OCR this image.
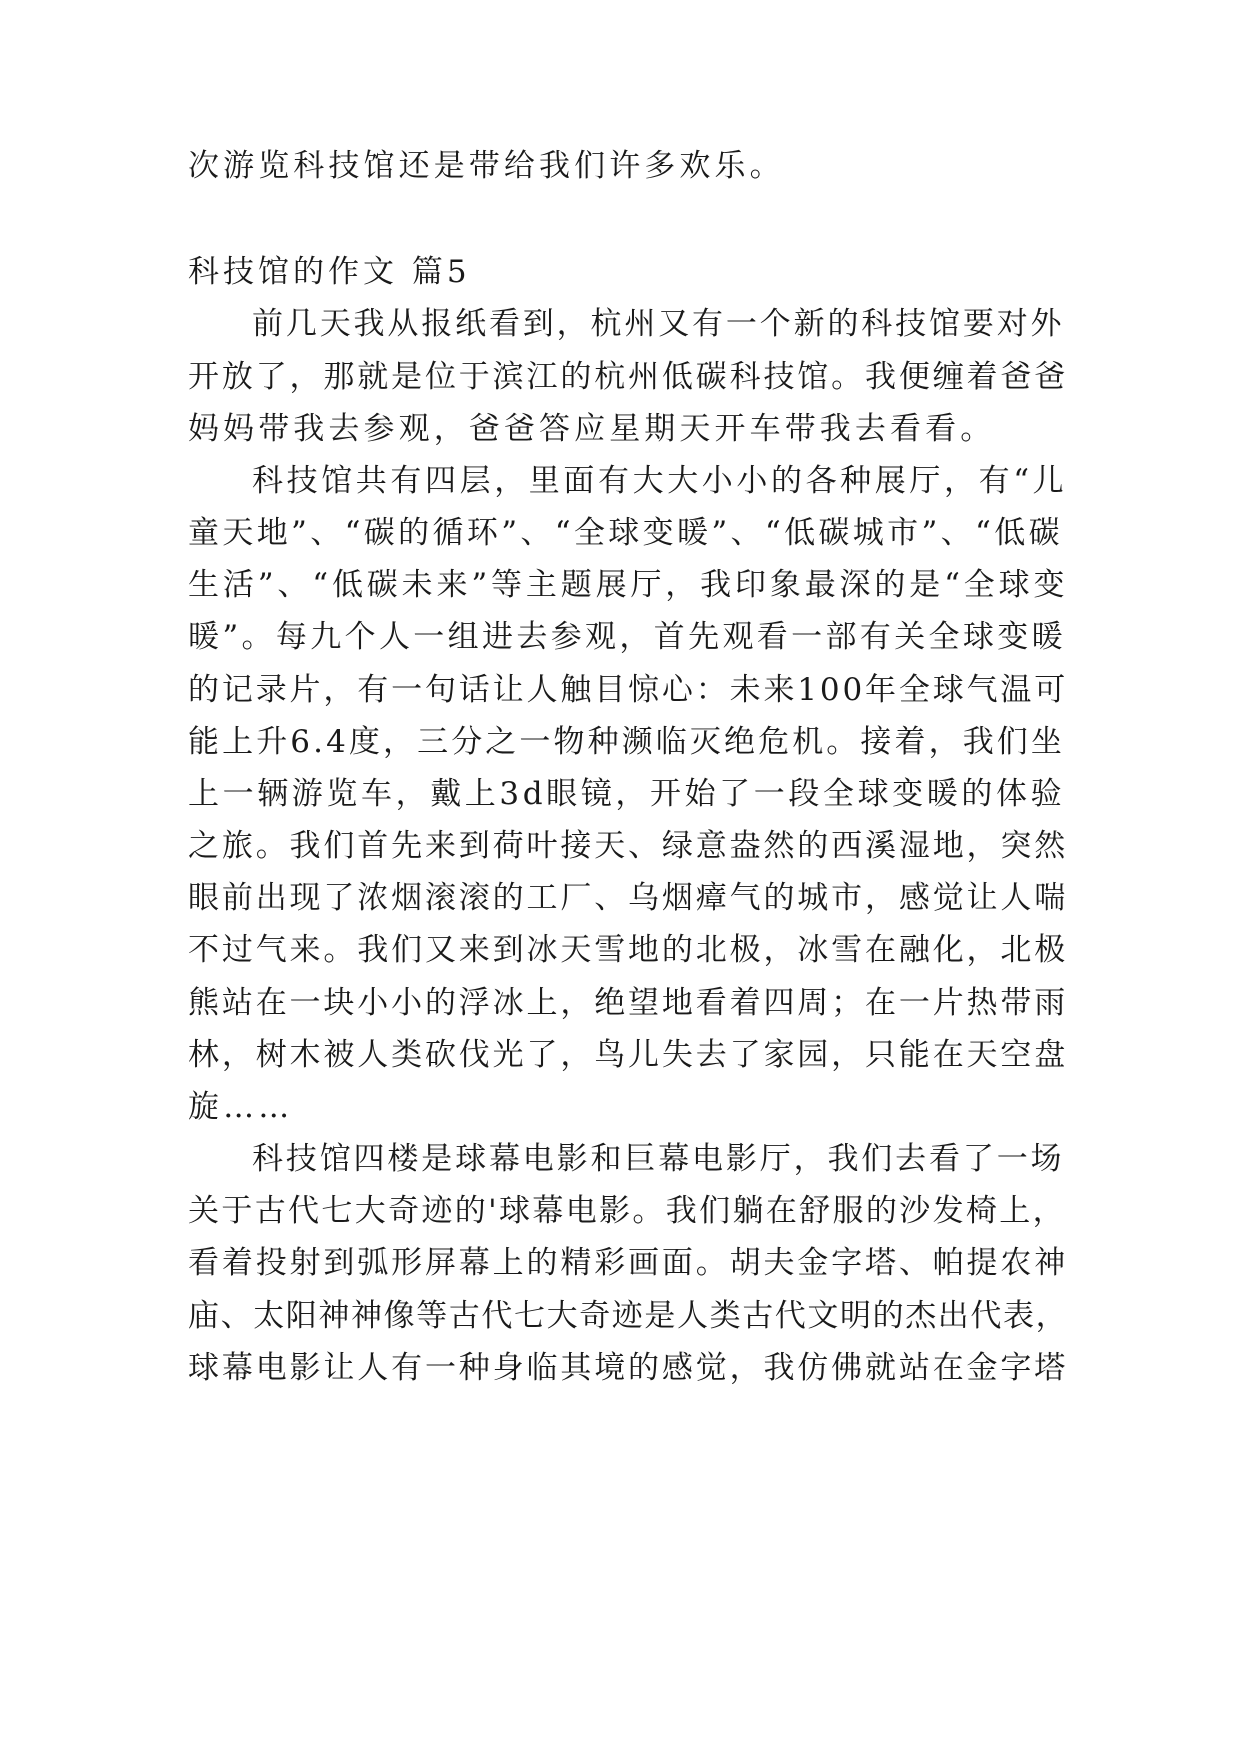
次游览科技馆还是带给我们许多欢乐。
科技馆的作文 篇5
前几天我从报纸看到，杭州又有一个新的科技馆要对外
开放了，那就是位于滨江的杭州低碳科技馆。我便缠着爸爸
妈妈带我去参观，爸爸答应星期天开车带我去看看。
科技馆共有四层，里面有大大小小的各种展厅，有“儿
童天地”、“碳的循环”、“全球变暖”、“低碳城市”、“低碳
生活”、“低碳未来”等主题展厅，我印象最深的是“全球变
暖”。每九个人一组进去参观，首先观看一部有关全球变暖
的记录片，有一句话让人触目惊心：未来100年全球气温可
能上升6.4度，三分之一物种濒临灭绝危机。接着，我们坐
上一辆游览车，戴上3d眼镜，开始了一段全球变暖的体验
之旅。我们首先来到荷叶接天、绿意盎然的西溪湿地，突然
眼前出现了浓烟滚滚的工厂、乌烟瘴气的城市，感觉让人喘
不过气来。我们又来到冰天雪地的北极，冰雪在融化，北极
熊站在一块小小的浮冰上，绝望地看着四周；在一片热带雨
林，树木被人类砍伐光了，鸟儿失去了家园，只能在天空盘
旋……
科技馆四楼是球幕电影和巨幕电影厅，我们去看了一场
关于古代七大奇迹的'球幕电影。我们躺在舒服的沙发椅上，
看着投射到弧形屏幕上的精彩画面。胡夫金字塔、帕提农神
庙、太阳神神像等古代七大奇迹是人类古代文明的杰出代表，
球幕电影让人有一种身临其境的感觉，我仿佛就站在金字塔
